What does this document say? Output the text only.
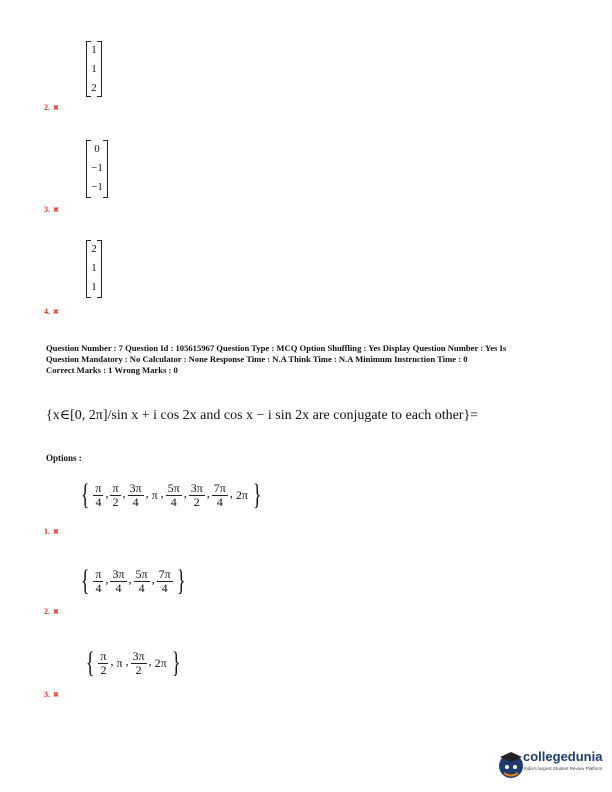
1
1
2
2. ✖
0
−1
−1
3. ✖
2
1
1
4. ✖
Question Number : 7 Question Id : 105615967 Question Type : MCQ Option Shuffling : Yes Display Question Number : Yes Is
Question Mandatory : No Calculator : None Response Time : N.A Think Time : N.A Minimum Instruction Time : 0
Correct Marks : 1 Wrong Marks : 0
{x∈[0, 2π]/sin x + i cos 2x and cos x − i sin 2x are conjugate to each other}=
Options :
{ $\frac{\pi}{4}$ , $\frac{\pi}{2}$ , $\frac{3\pi}{4}$ , π , $\frac{5\pi}{4}$ , $\frac{3\pi}{2}$ , $\frac{7\pi}{4}$ , 2π }
1. ✖
{ $\frac{\pi}{4}$ , $\frac{3\pi}{4}$ , $\frac{5\pi}{4}$ , $\frac{7\pi}{4}$ }
2. ✖
{ $\frac{\pi}{2}$ , π , $\frac{3\pi}{2}$ , 2π }
3. ✖
collegedunia
India's largest Student Review Platform
